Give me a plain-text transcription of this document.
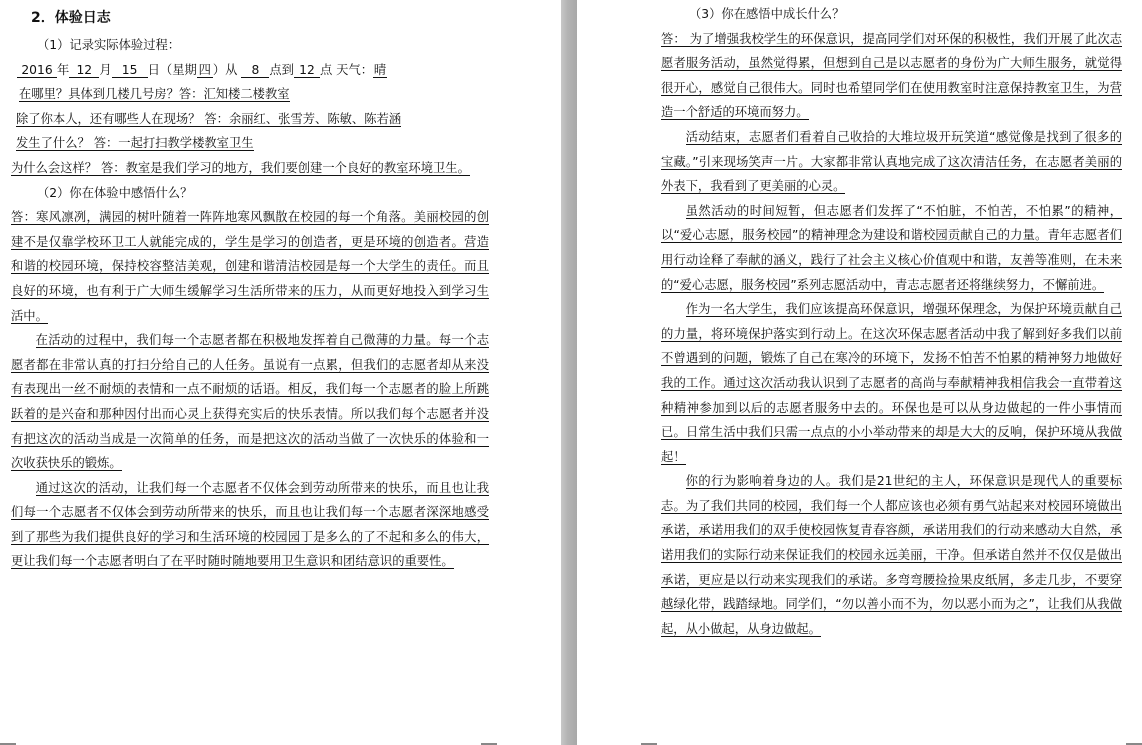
2．体验日志

（1）记录实际体验过程：

2016 年 12 月 15 日（星期 四 ）从 8 点到 12 点 天气：晴

在哪里？具体到几楼几号房？答：汇知楼二楼教室

除了你本人，还有哪些人在现场？ 答：余丽红、张雪芳、陈敏、陈若涵

发生了什么？ 答：一起打扫教学楼教室卫生

为什么会这样？ 答：教室是我们学习的地方，我们要创建一个良好的教室环境卫生。

（2）你在体验中感悟什么？

答：寒风凛冽，满园的树叶随着一阵阵地寒风飘散在校园的每一个角落。美丽校园的创建不是仅靠学校环卫工人就能完成的，学生是学习的创造者，更是环境的创造者。营造和谐的校园环境，保持校容整洁美观，创建和谐清洁校园是每一个大学生的责任。而且良好的环境，也有利于广大师生缓解学习生活所带来的压力，从而更好地投入到学习生活中。

在活动的过程中，我们每一个志愿者都在积极地发挥着自己微薄的力量。每一个志愿者都在非常认真的打扫分给自己的人任务。虽说有一点累，但我们的志愿者却从来没有表现出一丝不耐烦的表情和一点不耐烦的话语。相反，我们每一个志愿者的脸上所跳跃着的是兴奋和那种因付出而心灵上获得充实后的快乐表情。所以我们每个志愿者并没有把这次的活动当成是一次简单的任务，而是把这次的活动当做了一次快乐的体验和一次收获快乐的锻炼。

通过这次的活动，让我们每一个志愿者不仅体会到劳动所带来的快乐，而且也让我们每一个志愿者不仅体会到劳动所带来的快乐，而且也让我们每一个志愿者深深地感受到了那些为我们提供良好的学习和生活环境的校园园丁是多么的了不起和多么的伟大，更让我们每一个志愿者明白了在平时随时随地要用卫生意识和团结意识的重要性。

（3）你在感悟中成长什么？

答： 为了增强我校学生的环保意识，提高同学们对环保的积极性，我们开展了此次志愿者服务活动，虽然觉得累，但想到自己是以志愿者的身份为广大师生服务，就觉得很开心，感觉自己很伟大。同时也希望同学们在使用教室时注意保持教室卫生，为营造一个舒适的环境而努力。

活动结束，志愿者们看着自己收拾的大堆垃圾开玩笑道“感觉像是找到了很多的宝藏。”引来现场笑声一片。大家都非常认真地完成了这次清洁任务，在志愿者美丽的外表下，我看到了更美丽的心灵。

虽然活动的时间短暂，但志愿者们发挥了“不怕脏，不怕苦，不怕累”的精神，以“爱心志愿，服务校园”的精神理念为建设和谐校园贡献自己的力量。青年志愿者们用行动诠释了奉献的涵义，践行了社会主义核心价值观中和谐，友善等准则，在未来的“爱心志愿，服务校园”系列志愿活动中，青志志愿者还将继续努力，不懈前进。

作为一名大学生，我们应该提高环保意识，增强环保理念，为保护环境贡献自己的力量，将环境保护落实到行动上。在这次环保志愿者活动中我了解到好多我们以前不曾遇到的问题，锻炼了自己在寒冷的环境下，发扬不怕苦不怕累的精神努力地做好我的工作。通过这次活动我认识到了志愿者的高尚与奉献精神我相信我会一直带着这种精神参加到以后的志愿者服务中去的。环保也是可以从身边做起的一件小事情而已。日常生活中我们只需一点点的小小举动带来的却是大大的反响，保护环境从我做起！

你的行为影响着身边的人。我们是21世纪的主人，环保意识是现代人的重要标志。为了我们共同的校园，我们每一个人都应该也必须有勇气站起来对校园环境做出承诺，承诺用我们的双手使校园恢复青春容颜，承诺用我们的行动来感动大自然，承诺用我们的实际行动来保证我们的校园永远美丽，干净。但承诺自然并不仅仅是做出承诺，更应是以行动来实现我们的承诺。多弯弯腰捡捡果皮纸屑，多走几步，不要穿越绿化带，践踏绿地。同学们，“勿以善小而不为，勿以恶小而为之”，让我们从我做起，从小做起，从身边做起。
